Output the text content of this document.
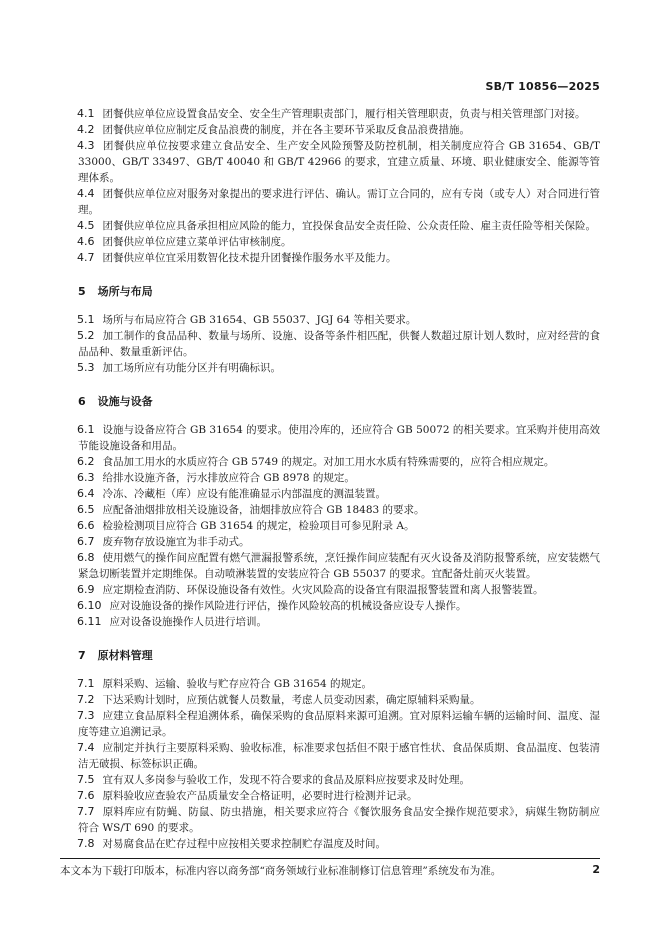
SB/T 10856—2025

4.1 团餐供应单位应设置食品安全、安全生产管理职责部门，履行相关管理职责，负责与相关管理部门对接。

4.2 团餐供应单位应制定反食品浪费的制度，并在各主要环节采取反食品浪费措施。

4.3 团餐供应单位按要求建立食品安全、生产安全风险预警及防控机制，相关制度应符合 GB 31654、GB/T 33000、GB/T 33497、GB/T 40040 和 GB/T 42966 的要求，宜建立质量、环境、职业健康安全、能源等管理体系。

4.4 团餐供应单位应对服务对象提出的要求进行评估、确认。需订立合同的，应有专岗（或专人）对合同进行管理。

4.5 团餐供应单位应具备承担相应风险的能力，宜投保食品安全责任险、公众责任险、雇主责任险等相关保险。

4.6 团餐供应单位应建立菜单评估审核制度。

4.7 团餐供应单位宜采用数智化技术提升团餐操作服务水平及能力。

5 场所与布局

5.1 场所与布局应符合 GB 31654、GB 55037、JGJ 64 等相关要求。

5.2 加工制作的食品品种、数量与场所、设施、设备等条件相匹配，供餐人数超过原计划人数时，应对经营的食品品种、数量重新评估。

5.3 加工场所应有功能分区并有明确标识。

6 设施与设备

6.1 设施与设备应符合 GB 31654 的要求。使用冷库的，还应符合 GB 50072 的相关要求。宜采购并使用高效节能设施设备和用品。

6.2 食品加工用水的水质应符合 GB 5749 的规定。对加工用水水质有特殊需要的，应符合相应规定。

6.3 给排水设施齐备，污水排放应符合 GB 8978 的规定。

6.4 冷冻、冷藏柜（库）应设有能准确显示内部温度的测温装置。

6.5 应配备油烟排放相关设施设备，油烟排放应符合 GB 18483 的要求。

6.6 检验检测项目应符合 GB 31654 的规定，检验项目可参见附录 A。

6.7 废弃物存放设施宜为非手动式。

6.8 使用燃气的操作间应配置有燃气泄漏报警系统，烹饪操作间应装配有灭火设备及消防报警系统，应安装燃气紧急切断装置并定期维保。自动喷淋装置的安装应符合 GB 55037 的要求。宜配备灶前灭火装置。

6.9 应定期检查消防、环保设施设备有效性。火灾风险高的设备宜有限温报警装置和离人报警装置。

6.10 应对设施设备的操作风险进行评估，操作风险较高的机械设备应设专人操作。

6.11 应对设备设施操作人员进行培训。

7 原材料管理

7.1 原料采购、运输、验收与贮存应符合 GB 31654 的规定。

7.2 下达采购计划时，应预估就餐人员数量，考虑人员变动因素，确定原辅料采购量。

7.3 应建立食品原料全程追溯体系，确保采购的食品原料来源可追溯。宜对原料运输车辆的运输时间、温度、湿度等建立追溯记录。

7.4 应制定并执行主要原料采购、验收标准，标准要求包括但不限于感官性状、食品保质期、食品温度、包装清洁无破损、标签标识正确。

7.5 宜有双人多岗参与验收工作，发现不符合要求的食品及原料应按要求及时处理。

7.6 原料验收应查验农产品质量安全合格证明，必要时进行检测并记录。

7.7 原料库应有防蝇、防鼠、防虫措施，相关要求应符合《餐饮服务食品安全操作规范要求》，病媒生物防制应符合 WS/T 690 的要求。

7.8 对易腐食品在贮存过程中应按相关要求控制贮存温度及时间。

本文本为下载打印版本，标准内容以商务部“商务领域行业标准制修订信息管理”系统发布为准。	2
